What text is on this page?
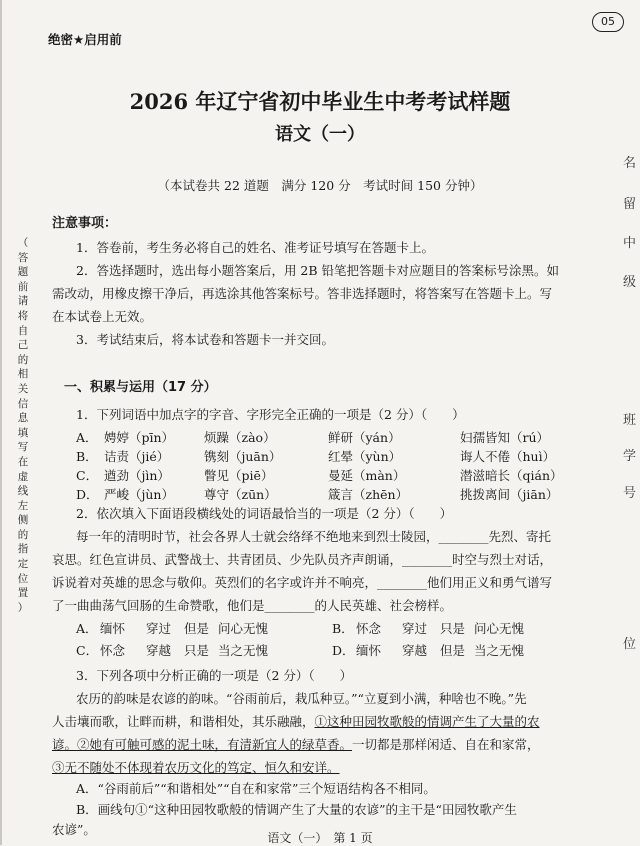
绝密★启用前
05
（
答
题
前
请
将
自
己
的
相
关
信
息
填
写
在
虚
线
左
侧
的
指
定
位
置
）
2026 年辽宁省初中毕业生中考考试样题
语文（一）
（本试卷共 22 道题　满分 120 分　考试时间 150 分钟）
注意事项：
1．答卷前，考生务必将自己的姓名、准考证号填写在答题卡上。
2．答选择题时，选出每小题答案后，用 2B 铅笔把答题卡对应题目的答案标号涂黑。如
需改动，用橡皮擦干净后，再选涂其他答案标号。答非选择题时，将答案写在答题卡上。写
在本试卷上无效。
3．考试结束后，将本试卷和答题卡一并交回。
一、积累与运用（17 分）
1．下列词语中加点字的字音、字形完全正确的一项是（2 分）（　　）
2．依次填入下面语段横线处的词语最恰当的一项是（2 分）（　　）
每一年的清明时节，社会各界人士就会络绎不绝地来到烈士陵园，________先烈、寄托
哀思。红色宣讲员、武警战士、共青团员、少先队员齐声朗诵，________时空与烈士对话，
诉说着对英雄的思念与敬仰。英烈们的名字或许并不响亮，________他们用正义和勇气谱写
了一曲曲荡气回肠的生命赞歌，他们是________的人民英雄、社会榜样。
3．下列各项中分析正确的一项是（2 分）（　　）
农历的韵味是农谚的韵味。“谷雨前后，栽瓜种豆。”“立夏到小满，种啥也不晚。”先
人击壤而歌，让畔而耕，和谐相处，其乐融融，①这种田园牧歌般的情调产生了大量的农
谚。②她有可触可感的泥土味，有清新宜人的绿草香。一切都是那样闲适、自在和家常，
③无不随处不体现着农历文化的笃定、恒久和安详。
A．“谷雨前后”“和谐相处”“自在和家常”三个短语结构各不相同。
B．画线句①“这种田园牧歌般的情调产生了大量的农谚”的主干是“田园牧歌产生
农谚”。
语文（一）　第 1 页
名
留
中
级
班
学
号
位
A． 娉婷（pīn） 烦躁（zào）	鲜研（yán）	妇孺皆知（rú）
B． 诘责（jié）	镌刻（juān）	红晕（yùn）	诲人不倦（huì）
C． 遒劲（jìn）	瞥见（piē）	曼延（màn）	潜滋暗长（qián）
D． 严峻（jùn） 尊守（zūn）	箴言（zhēn）	挑拨离间（jiān）
A． 缅怀 穿过 但是 问心无愧	B． 怀念 穿过 只是 问心无愧
C． 怀念 穿越 只是 当之无愧	D． 缅怀 穿越 但是 当之无愧
